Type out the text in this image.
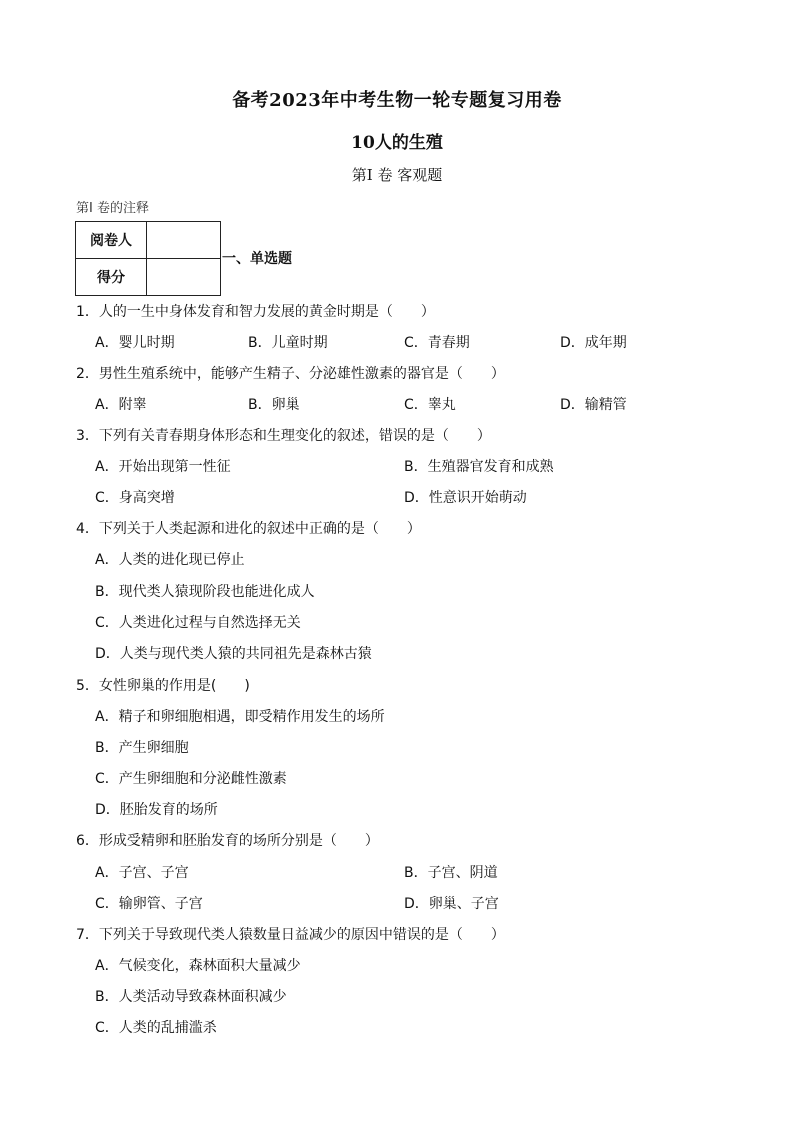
备考2023年中考生物一轮专题复习用卷
10人的生殖
第Ⅰ 卷 客观题
第Ⅰ 卷的注释
阅卷人	
得分	
一、单选题
1．人的一生中身体发育和智力发展的黄金时期是（　　）
A．婴儿时期	B．儿童时期	C．青春期	D．成年期
2．男性生殖系统中，能够产生精子、分泌雄性激素的器官是（　　）
A．附睾	B．卵巢	C．睾丸	D．输精管
3．下列有关青春期身体形态和生理变化的叙述，错误的是（　　）
A．开始出现第一性征	B．生殖器官发育和成熟
C．身高突增	D．性意识开始萌动
4．下列关于人类起源和进化的叙述中正确的是（　　）
A．人类的进化现已停止
B．现代类人猿现阶段也能进化成人
C．人类进化过程与自然选择无关
D．人类与现代类人猿的共同祖先是森林古猿
5．女性卵巢的作用是(　　)
A．精子和卵细胞相遇，即受精作用发生的场所
B．产生卵细胞
C．产生卵细胞和分泌雌性激素
D．胚胎发育的场所
6．形成受精卵和胚胎发育的场所分别是（　　）
A．子宫、子宫	B．子宫、阴道
C．输卵管、子宫	D．卵巢、子宫
7．下列关于导致现代类人猿数量日益减少的原因中错误的是（　　）
A．气候变化，森林面积大量减少
B．人类活动导致森林面积减少
C．人类的乱捕滥杀
